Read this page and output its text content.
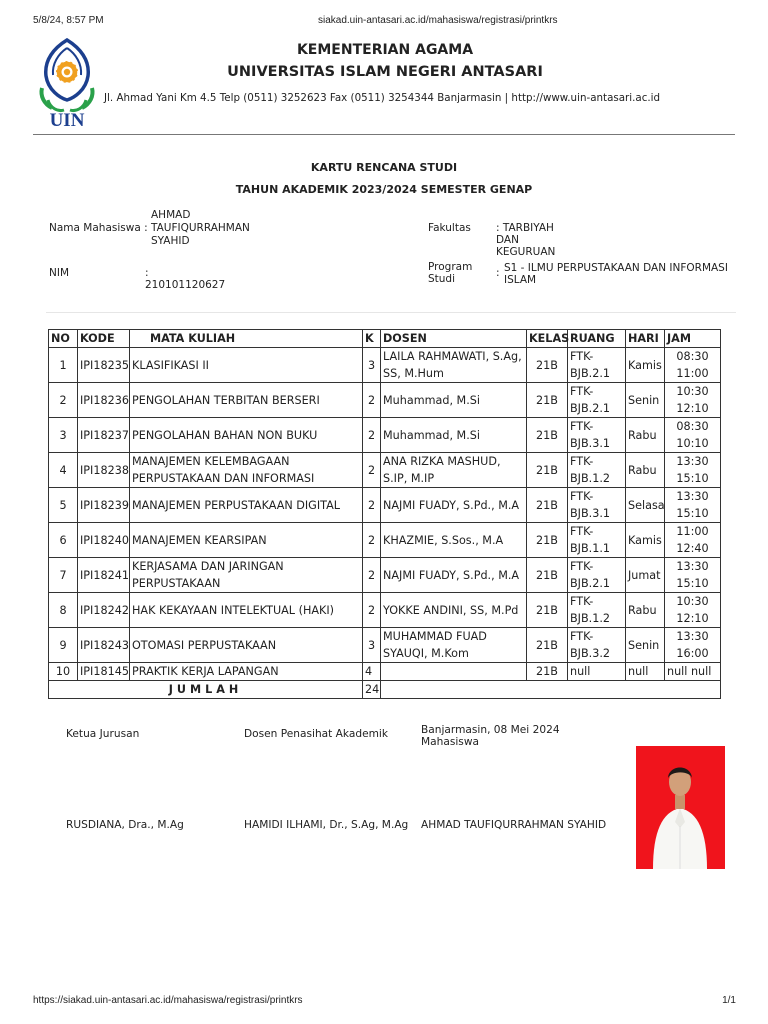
5/8/24, 8:57 PM	siakad.uin-antasari.ac.id/mahasiswa/registrasi/printkrs
UIN
KEMENTERIAN AGAMA
UNIVERSITAS ISLAM NEGERI ANTASARI
Jl. Ahmad Yani Km 4.5 Telp (0511) 3252623 Fax (0511) 3254344 Banjarmasin | http://www.uin-antasari.ac.id
KARTU RENCANA STUDI
TAHUN AKADEMIK 2023/2024 SEMESTER GENAP
Nama Mahasiswa :
AHMAD TAUFIQURRAHMAN SYAHID
NIM	: 210101120627
Fakultas : TARBIYAH DAN KEGURUAN
Program Studi	: S1 - ILMU PERPUSTAKAAN DAN INFORMASI ISLAM
NO	KODE	MATA KULIAH	K	DOSEN	KELAS	RUANG	HARI	JAM
1	IPI18235	KLASIFIKASI II	3	LAILA RAHMAWATI, S.Ag, SS, M.Hum	21B	FTK-BJB.2.1	Kamis	08:30 11:00
2	IPI18236	PENGOLAHAN TERBITAN BERSERI	2	Muhammad, M.Si	21B	FTK-BJB.2.1	Senin	10:30 12:10
3	IPI18237	PENGOLAHAN BAHAN NON BUKU	2	Muhammad, M.Si	21B	FTK-BJB.3.1	Rabu	08:30 10:10
4	IPI18238	MANAJEMEN KELEMBAGAAN PERPUSTAKAAN DAN INFORMASI	2	ANA RIZKA MASHUD, S.IP, M.IP	21B	FTK-BJB.1.2	Rabu	13:30 15:10
5	IPI18239	MANAJEMEN PERPUSTAKAAN DIGITAL	2	NAJMI FUADY, S.Pd., M.A	21B	FTK-BJB.3.1	Selasa	13:30 15:10
6	IPI18240	MANAJEMEN KEARSIPAN	2	KHAZMIE, S.Sos., M.A	21B	FTK-BJB.1.1	Kamis	11:00 12:40
7	IPI18241	KERJASAMA DAN JARINGAN PERPUSTAKAAN	2	NAJMI FUADY, S.Pd., M.A	21B	FTK-BJB.2.1	Jumat	13:30 15:10
8	IPI18242	HAK KEKAYAAN INTELEKTUAL (HAKI)	2	YOKKE ANDINI, SS, M.Pd	21B	FTK-BJB.1.2	Rabu	10:30 12:10
9	IPI18243	OTOMASI PERPUSTAKAAN	3	MUHAMMAD FUAD SYAUQI, M.Kom	21B	FTK-BJB.3.2	Senin	13:30 16:00
10	IPI18145	PRAKTIK KERJA LAPANGAN	4		21B	null	null	null null
JUMLAH			24					
Banjarmasin, 08 Mei 2024
Ketua Jurusan	Dosen Penasihat Akademik
Mahasiswa
RUSDIANA, Dra., M.Ag	HAMIDI ILHAMI, Dr., S.Ag, M.Ag AHMAD TAUFIQURRAHMAN SYAHID
https://siakad.uin-antasari.ac.id/mahasiswa/registrasi/printkrs	1/1
